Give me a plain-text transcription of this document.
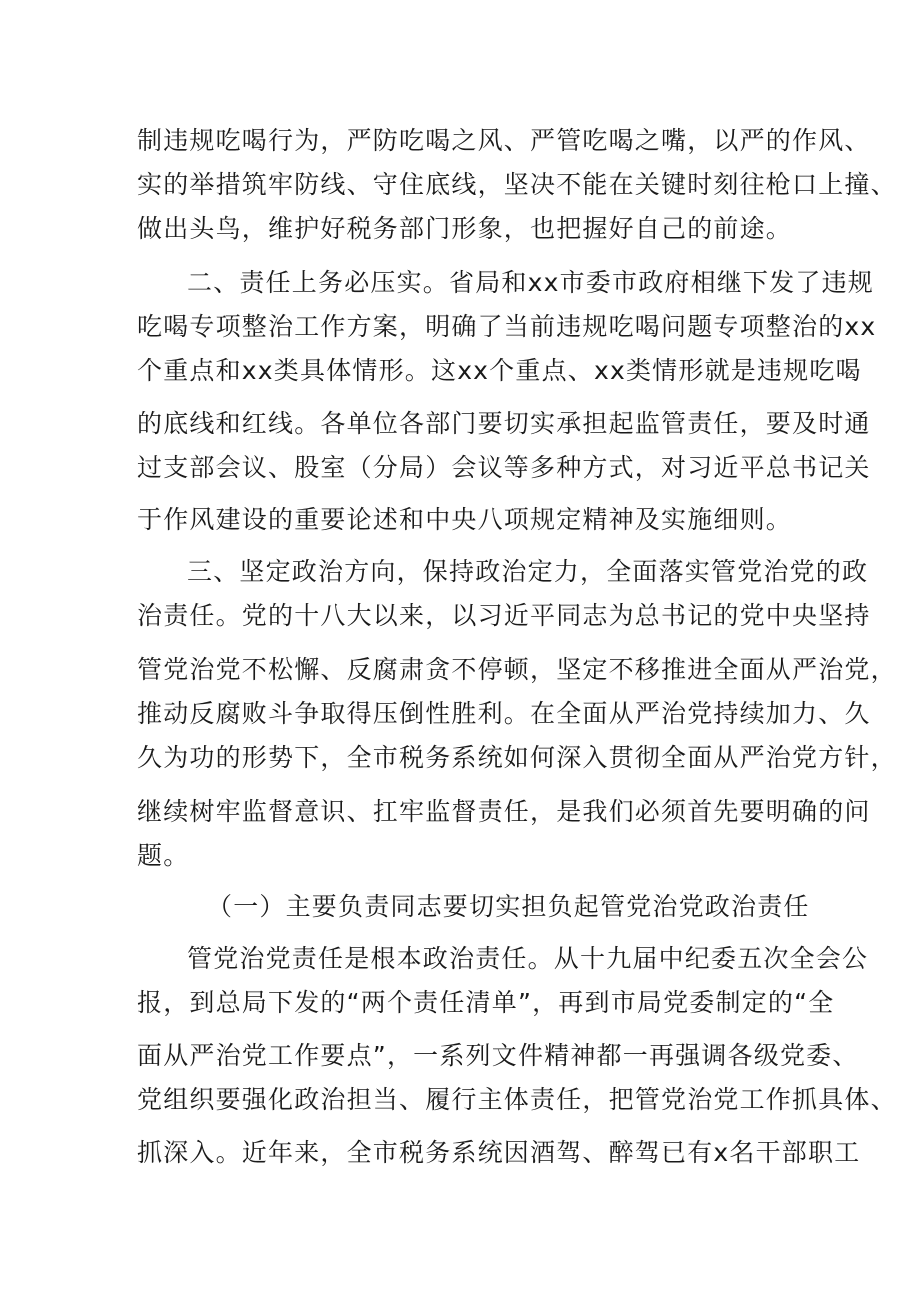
制违规吃喝行为，严防吃喝之风、严管吃喝之嘴，以严的作风、
实的举措筑牢防线、守住底线，坚决不能在关键时刻往枪口上撞、
做出头鸟，维护好税务部门形象，也把握好自己的前途。
二、责任上务必压实。省局和xx市委市政府相继下发了违规
吃喝专项整治工作方案，明确了当前违规吃喝问题专项整治的xx
个重点和xx类具体情形。这xx个重点、xx类情形就是违规吃喝
的底线和红线。各单位各部门要切实承担起监管责任，要及时通
过支部会议、股室（分局）会议等多种方式，对习近平总书记关
于作风建设的重要论述和中央八项规定精神及实施细则。
三、坚定政治方向，保持政治定力，全面落实管党治党的政
治责任。党的十八大以来，以习近平同志为总书记的党中央坚持
管党治党不松懈、反腐肃贪不停顿，坚定不移推进全面从严治党，
推动反腐败斗争取得压倒性胜利。在全面从严治党持续加力、久
久为功的形势下，全市税务系统如何深入贯彻全面从严治党方针，
继续树牢监督意识、扛牢监督责任，是我们必须首先要明确的问
题。
（一）主要负责同志要切实担负起管党治党政治责任
管党治党责任是根本政治责任。从十九届中纪委五次全会公
报，到总局下发的“两个责任清单”，再到市局党委制定的“全
面从严治党工作要点”，一系列文件精神都一再强调各级党委、
党组织要强化政治担当、履行主体责任，把管党治党工作抓具体、
抓深入。近年来，全市税务系统因酒驾、醉驾已有x名干部职工
